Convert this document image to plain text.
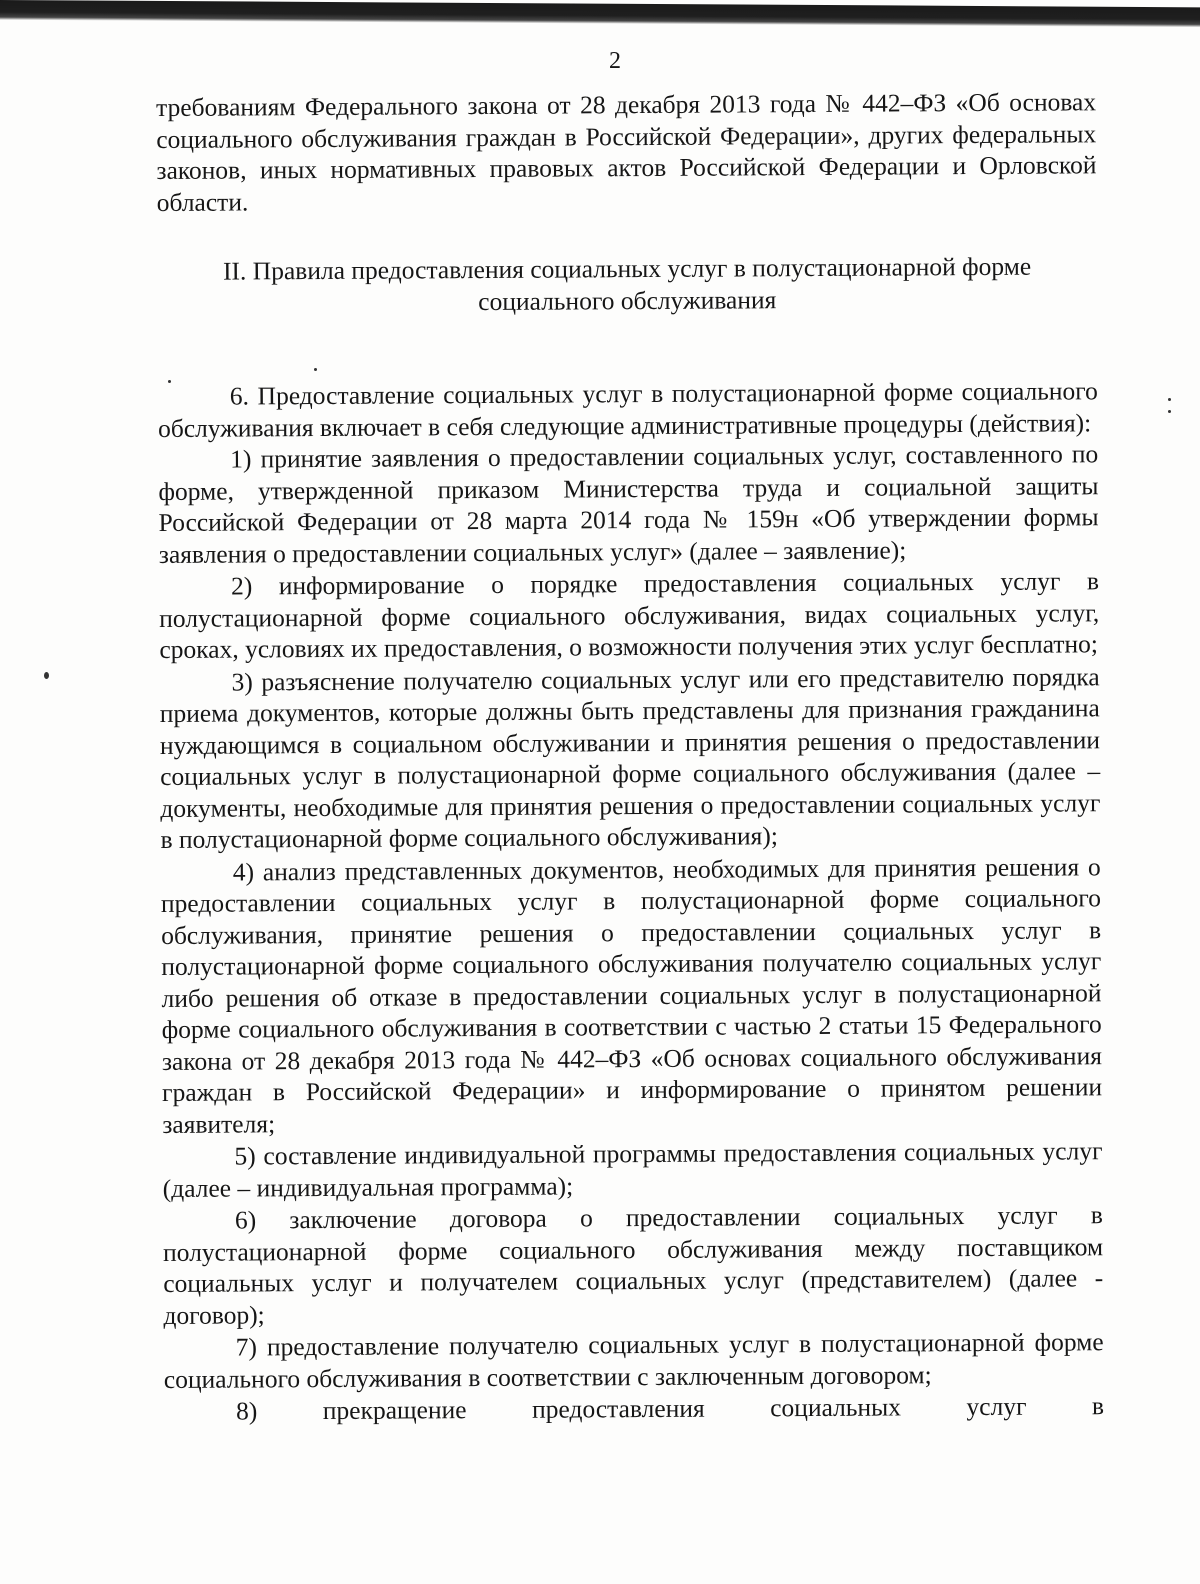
2

требованиям Федерального закона от 28 декабря 2013 года № 442–ФЗ «Об основах социального обслуживания граждан в Российской Федерации», других федеральных законов, иных нормативных правовых актов Российской Федерации и Орловской области.

II. Правила предоставления социальных услуг в полустационарной форме социального обслуживания

6. Предоставление социальных услуг в полустационарной форме социального обслуживания включает в себя следующие административные процедуры (действия):

1) принятие заявления о предоставлении социальных услуг, составленного по форме, утвержденной приказом Министерства труда и социальной защиты Российской Федерации от 28 марта 2014 года № 159н «Об утверждении формы заявления о предоставлении социальных услуг» (далее – заявление);

2) информирование о порядке предоставления социальных услуг в полустационарной форме социального обслуживания, видах социальных услуг, сроках, условиях их предоставления, о возможности получения этих услуг бесплатно;

3) разъяснение получателю социальных услуг или его представителю порядка приема документов, которые должны быть представлены для признания гражданина нуждающимся в социальном обслуживании и принятия решения о предоставлении социальных услуг в полустационарной форме социального обслуживания (далее – документы, необходимые для принятия решения о предоставлении социальных услуг в полустационарной форме социального обслуживания);

4) анализ представленных документов, необходимых для принятия решения о предоставлении социальных услуг в полустационарной форме социального обслуживания, принятие решения о предоставлении социальных услуг в полустационарной форме социального обслуживания получателю социальных услуг либо решения об отказе в предоставлении социальных услуг в полустационарной форме социального обслуживания в соответствии с частью 2 статьи 15 Федерального закона от 28 декабря 2013 года № 442–ФЗ «Об основах социального обслуживания граждан в Российской Федерации» и информирование о принятом решении заявителя;

5) составление индивидуальной программы предоставления социальных услуг (далее – индивидуальная программа);

6) заключение договора о предоставлении социальных услуг в полустационарной форме социального обслуживания между поставщиком социальных услуг и получателем социальных услуг (представителем) (далее - договор);

7) предоставление получателю социальных услуг в полустационарной форме социального обслуживания в соответствии с заключенным договором;

8) прекращение предоставления социальных услуг в
